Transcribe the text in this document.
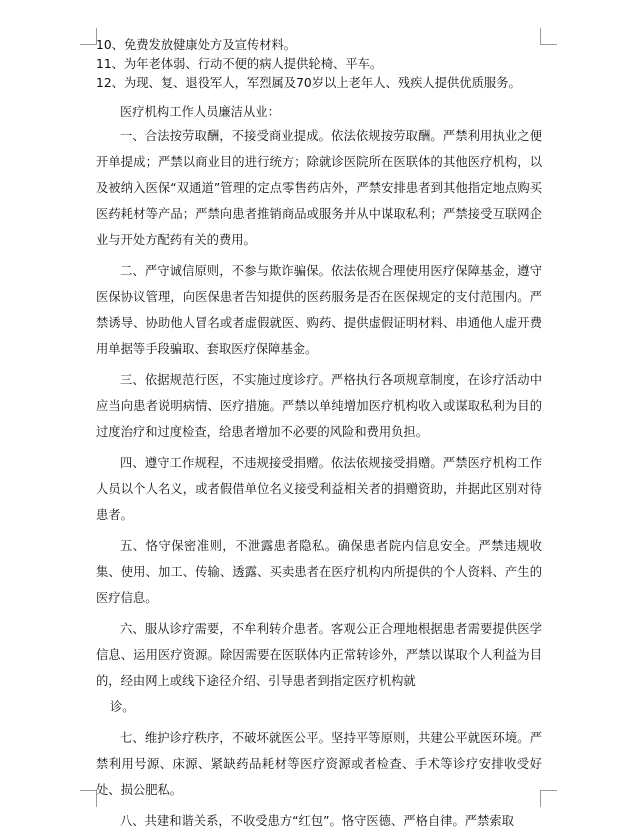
10、免费发放健康处方及宣传材料。
11、为年老体弱、行动不便的病人提供轮椅、平车。
12、为现、复、退役军人，军烈属及70岁以上老年人、残疾人提供优质服务。
医疗机构工作人员廉洁从业：

一、合法按劳取酬，不接受商业提成。依法依规按劳取酬。严禁利用执业之便开单提成；严禁以商业目的进行统方；除就诊医院所在医联体的其他医疗机构，以及被纳入医保“双通道”管理的定点零售药店外，严禁安排患者到其他指定地点购买医药耗材等产品；严禁向患者推销商品或服务并从中谋取私利；严禁接受互联网企业与开处方配药有关的费用。

二、严守诚信原则，不参与欺诈骗保。依法依规合理使用医疗保障基金，遵守医保协议管理，向医保患者告知提供的医药服务是否在医保规定的支付范围内。严禁诱导、协助他人冒名或者虚假就医、购药、提供虚假证明材料、串通他人虚开费用单据等手段骗取、套取医疗保障基金。

三、依据规范行医，不实施过度诊疗。严格执行各项规章制度，在诊疗活动中应当向患者说明病情、医疗措施。严禁以单纯增加医疗机构收入或谋取私利为目的过度治疗和过度检查，给患者增加不必要的风险和费用负担。

四、遵守工作规程，不违规接受捐赠。依法依规接受捐赠。严禁医疗机构工作人员以个人名义，或者假借单位名义接受利益相关者的捐赠资助，并据此区别对待患者。

五、恪守保密准则，不泄露患者隐私。确保患者院内信息安全。严禁违规收集、使用、加工、传输、透露、买卖患者在医疗机构内所提供的个人资料、产生的医疗信息。

六、服从诊疗需要，不牟利转介患者。客观公正合理地根据患者需要提供医学信息、运用医疗资源。除因需要在医联体内正常转诊外，严禁以谋取个人利益为目的，经由网上或线下途径介绍、引导患者到指定医疗机构就

诊。

七、维护诊疗秩序，不破坏就医公平。坚持平等原则，共建公平就医环境。严禁利用号源、床源、紧缺药品耗材等医疗资源或者检查、手术等诊疗安排收受好处、损公肥私。

八、共建和谐关系，不收受患方“红包”。恪守医德、严格自律。严禁索取
